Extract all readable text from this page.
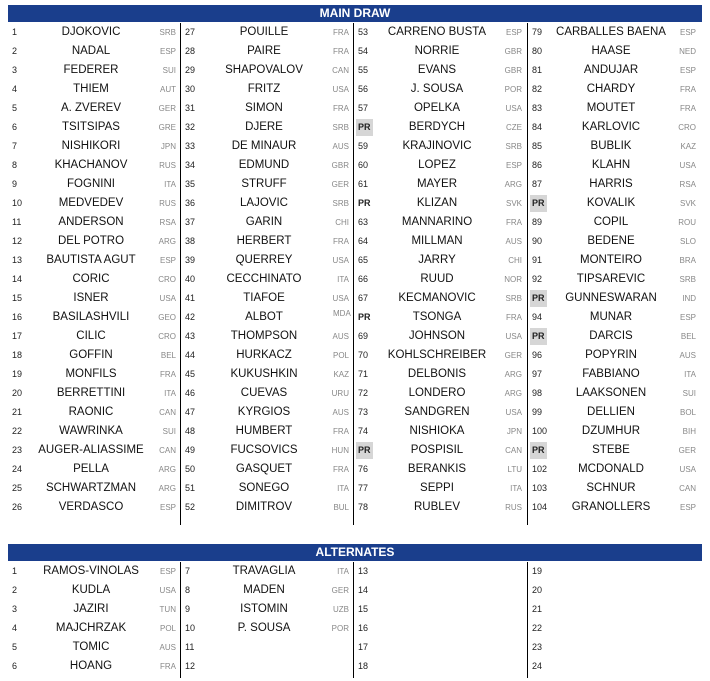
MAIN DRAW
1	DJOKOVIC	SRB
2	NADAL	ESP
3	FEDERER	SUI
4	THIEM	AUT
5	A. ZVEREV	GER
6	TSITSIPAS	GRE
7	NISHIKORI	JPN
8	KHACHANOV	RUS
9	FOGNINI	ITA
10	MEDVEDEV	RUS
11	ANDERSON	RSA
12	DEL POTRO	ARG
13	BAUTISTA AGUT	ESP
14	CORIC	CRO
15	ISNER	USA
16	BASILASHVILI	GEO
17	CILIC	CRO
18	GOFFIN	BEL
19	MONFILS	FRA
20	BERRETTINI	ITA
21	RAONIC	CAN
22	WAWRINKA	SUI
23	AUGER-ALIASSIME	CAN
24	PELLA	ARG
25	SCHWARTZMAN	ARG
26	VERDASCO	ESP
27	POUILLE	FRA
28	PAIRE	FRA
29	SHAPOVALOV	CAN
30	FRITZ	USA
31	SIMON	FRA
32	DJERE	SRB
33	DE MINAUR	AUS
34	EDMUND	GBR
35	STRUFF	GER
36	LAJOVIC	SRB
37	GARIN	CHI
38	HERBERT	FRA
39	QUERREY	USA
40	CECCHINATO	ITA
41	TIAFOE	USA
42	ALBOT	MDA
43	THOMPSON	AUS
44	HURKACZ	POL
45	KUKUSHKIN	KAZ
46	CUEVAS	URU
47	KYRGIOS	AUS
48	HUMBERT	FRA
49	FUCSOVICS	HUN
50	GASQUET	FRA
51	SONEGO	ITA
52	DIMITROV	BUL
53	CARRENO BUSTA	ESP
54	NORRIE	GBR
55	EVANS	GBR
56	J. SOUSA	POR
57	OPELKA	USA
PR	BERDYCH	CZE
59	KRAJINOVIC	SRB
60	LOPEZ	ESP
61	MAYER	ARG
PR	KLIZAN	SVK
63	MANNARINO	FRA
64	MILLMAN	AUS
65	JARRY	CHI
66	RUUD	NOR
67	KECMANOVIC	SRB
PR	TSONGA	FRA
69	JOHNSON	USA
70	KOHLSCHREIBER	GER
71	DELBONIS	ARG
72	LONDERO	ARG
73	SANDGREN	USA
74	NISHIOKA	JPN
PR	POSPISIL	CAN
76	BERANKIS	LTU
77	SEPPI	ITA
78	RUBLEV	RUS
79	CARBALLES BAENA	ESP
80	HAASE	NED
81	ANDUJAR	ESP
82	CHARDY	FRA
83	MOUTET	FRA
84	KARLOVIC	CRO
85	BUBLIK	KAZ
86	KLAHN	USA
87	HARRIS	RSA
PR	KOVALIK	SVK
89	COPIL	ROU
90	BEDENE	SLO
91	MONTEIRO	BRA
92	TIPSAREVIC	SRB
PR	GUNNESWARAN	IND
94	MUNAR	ESP
PR	DARCIS	BEL
96	POPYRIN	AUS
97	FABBIANO	ITA
98	LAAKSONEN	SUI
99	DELLIEN	BOL
100	DZUMHUR	BIH
PR	STEBE	GER
102	MCDONALD	USA
103	SCHNUR	CAN
104	GRANOLLERS	ESP
ALTERNATES
1	RAMOS-VINOLAS	ESP
2	KUDLA	USA
3	JAZIRI	TUN
4	MAJCHRZAK	POL
5	TOMIC	AUS
6	HOANG	FRA
7	TRAVAGLIA	ITA
8	MADEN	GER
9	ISTOMIN	UZB
10	P. SOUSA	POR
11
12
13
14
15
16
17
18
19
20
21
22
23
24
